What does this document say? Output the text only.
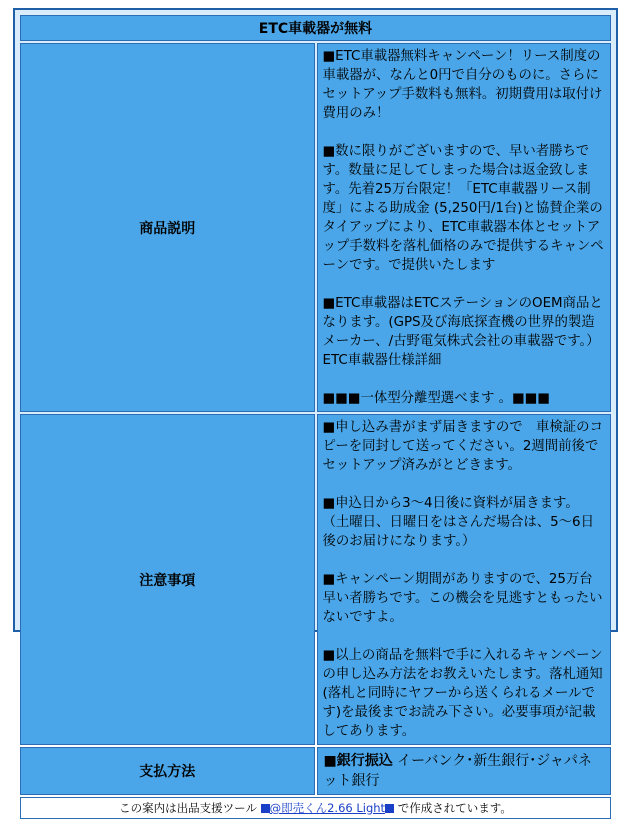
ETC車載器が無料	
商品説明	■ETC車載器無料キャンペーン！リース制度の車載器が、なんと0円で自分のものに。さらにセットアップ手数料も無料。初期費用は取付け費用のみ！

■数に限りがございますので、早い者勝ちです。数量に足してしまった場合は返金致します。先着25万台限定！「ETC車載器リース制度」による助成金 (5,250円/1台)と協賛企業のタイアップにより、ETC車載器本体とセットアップ手数料を落札価格のみで提供するキャンペーンです。で提供いたします

■ETC車載器はETCステーションのOEM商品となります。(GPS及び海底探査機の世界的製造メーカー、/古野電気株式会社の車載器です。）ETC車載器仕様詳細

■■■一体型分離型選べます 。■■■

注意事項	■申し込み書がまず届きますので　車検証のコピーを同封して送ってください。2週間前後でセットアップ済みがとどきます。

■申込日から3～4日後に資料が届きます。
（土曜日、日曜日をはさんだ場合は、5～6日後のお届けになります。）

■キャンペーン期間がありますので、25万台早い者勝ちです。この機会を見逃すともったいないですよ。

■以上の商品を無料で手に入れるキャンペーンの申し込み方法をお教えいたします。落札通知(落札と同時にヤフーから送くられるメールです)を最後までお読み下さい。必要事項が記載してあります。

支払方法	■銀行振込 イーバンク･新生銀行･ジャパネット銀行
この案内は出品支援ツール @即売くん2.66 Light で作成されています。	
